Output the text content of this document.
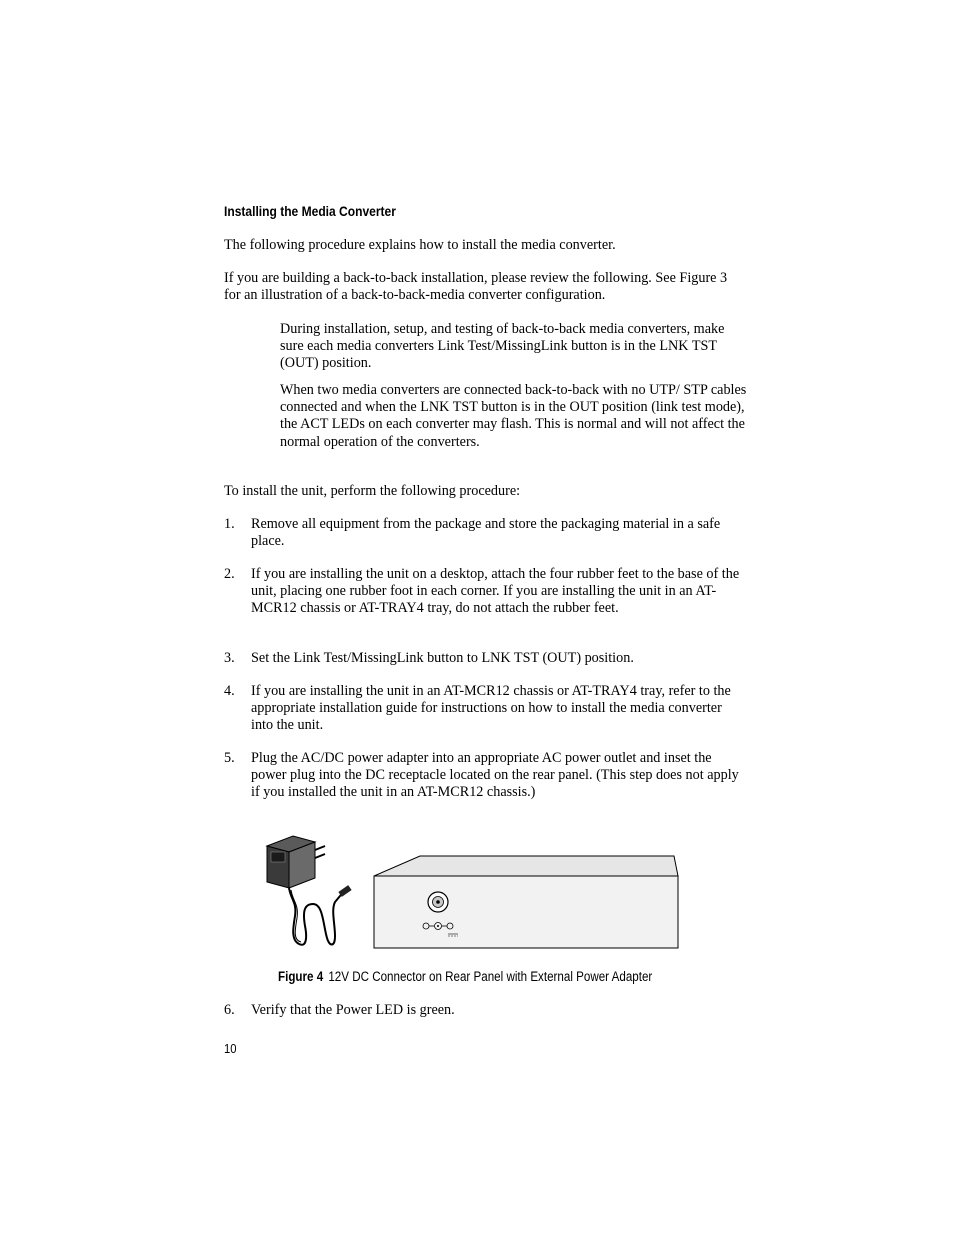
Installing the Media Converter
The following procedure explains how to install the media converter.
If you are building a back-to-back installation, please review the following. See Figure 3 for an illustration of a back-to-back-media converter configuration.
During installation, setup, and testing of back-to-back media converters, make sure each media converters Link Test/MissingLink button is in the LNK TST (OUT) position.
When two media converters are connected back-to-back with no UTP/ STP cables connected and when the LNK TST button is in the OUT position (link test mode), the ACT LEDs on each converter may flash. This is normal and will not affect the normal operation of the converters.
To install the unit, perform the following procedure:
1. Remove all equipment from the package and store the packaging material in a safe place.
2. If you are installing the unit on a desktop, attach the four rubber feet to the base of the unit, placing one rubber foot in each corner. If you are installing the unit in an AT-MCR12 chassis or AT-TRAY4 tray, do not attach the rubber feet.
3. Set the Link Test/MissingLink button to LNK TST (OUT) position.
4. If you are installing the unit in an AT-MCR12 chassis or AT-TRAY4 tray, refer to the appropriate installation guide for instructions on how to install the media converter into the unit.
5. Plug the AC/DC power adapter into an appropriate AC power outlet and inset the power plug into the DC receptacle located on the rear panel. (This step does not apply if you installed the unit in an AT-MCR12 chassis.)
Figure 4 12V DC Connector on Rear Panel with External Power Adapter
6. Verify that the Power LED is green.
10
